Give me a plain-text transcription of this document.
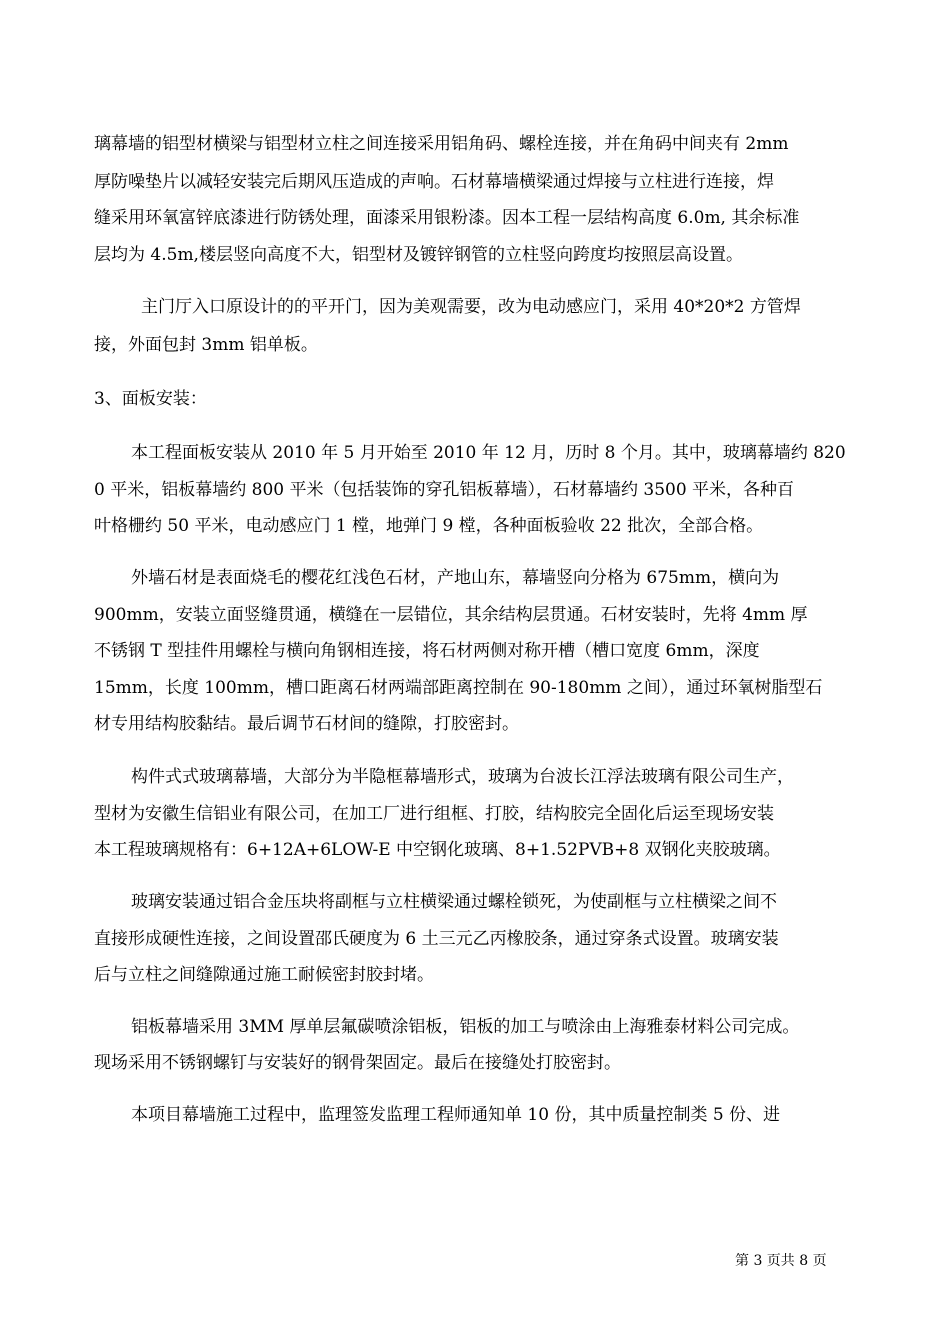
璃幕墙的铝型材横梁与铝型材立柱之间连接采用铝角码、螺栓连接，并在角码中间夹有 2mm

厚防噪垫片以减轻安装完后期风压造成的声响。石材幕墙横梁通过焊接与立柱进行连接，焊

缝采用环氧富锌底漆进行防锈处理，面漆采用银粉漆。因本工程一层结构高度 6.0m, 其余标准

层均为 4.5m,楼层竖向高度不大，铝型材及镀锌钢管的立柱竖向跨度均按照层高设置。

主门厅入口原设计的的平开门，因为美观需要，改为电动感应门，采用 40*20*2 方管焊

接，外面包封 3mm 铝单板。

3、面板安装：

本工程面板安装从 2010 年 5 月开始至 2010 年 12 月，历时 8 个月。其中，玻璃幕墙约 820

0 平米，铝板幕墙约 800 平米（包括装饰的穿孔铝板幕墙），石材幕墙约 3500 平米，各种百

叶格栅约 50 平米，电动感应门 1 樘，地弹门 9 樘，各种面板验收 22 批次，全部合格。

外墙石材是表面烧毛的樱花红浅色石材，产地山东，幕墙竖向分格为 675mm，横向为

900mm，安装立面竖缝贯通，横缝在一层错位，其余结构层贯通。石材安装时，先将 4mm 厚

不锈钢 T 型挂件用螺栓与横向角钢相连接，将石材两侧对称开槽（槽口宽度 6mm，深度

15mm，长度 100mm，槽口距离石材两端部距离控制在 90-180mm 之间），通过环氧树脂型石

材专用结构胶黏结。最后调节石材间的缝隙，打胶密封。

构件式式玻璃幕墙，大部分为半隐框幕墙形式，玻璃为台波长江浮法玻璃有限公司生产，

型材为安徽生信铝业有限公司，在加工厂进行组框、打胶，结构胶完全固化后运至现场安装

本工程玻璃规格有：6+12A+6LOW-E 中空钢化玻璃、8+1.52PVB+8 双钢化夹胶玻璃。

玻璃安装通过铝合金压块将副框与立柱横梁通过螺栓锁死，为使副框与立柱横梁之间不

直接形成硬性连接，之间设置邵氏硬度为 6 土三元乙丙橡胶条，通过穿条式设置。玻璃安装

后与立柱之间缝隙通过施工耐候密封胶封堵。

铝板幕墙采用 3MM 厚单层氟碳喷涂铝板，铝板的加工与喷涂由上海雅泰材料公司完成。

现场采用不锈钢螺钉与安装好的钢骨架固定。最后在接缝处打胶密封。

本项目幕墙施工过程中，监理签发监理工程师通知单 10 份，其中质量控制类 5 份、进

第 3 页共 8 页
